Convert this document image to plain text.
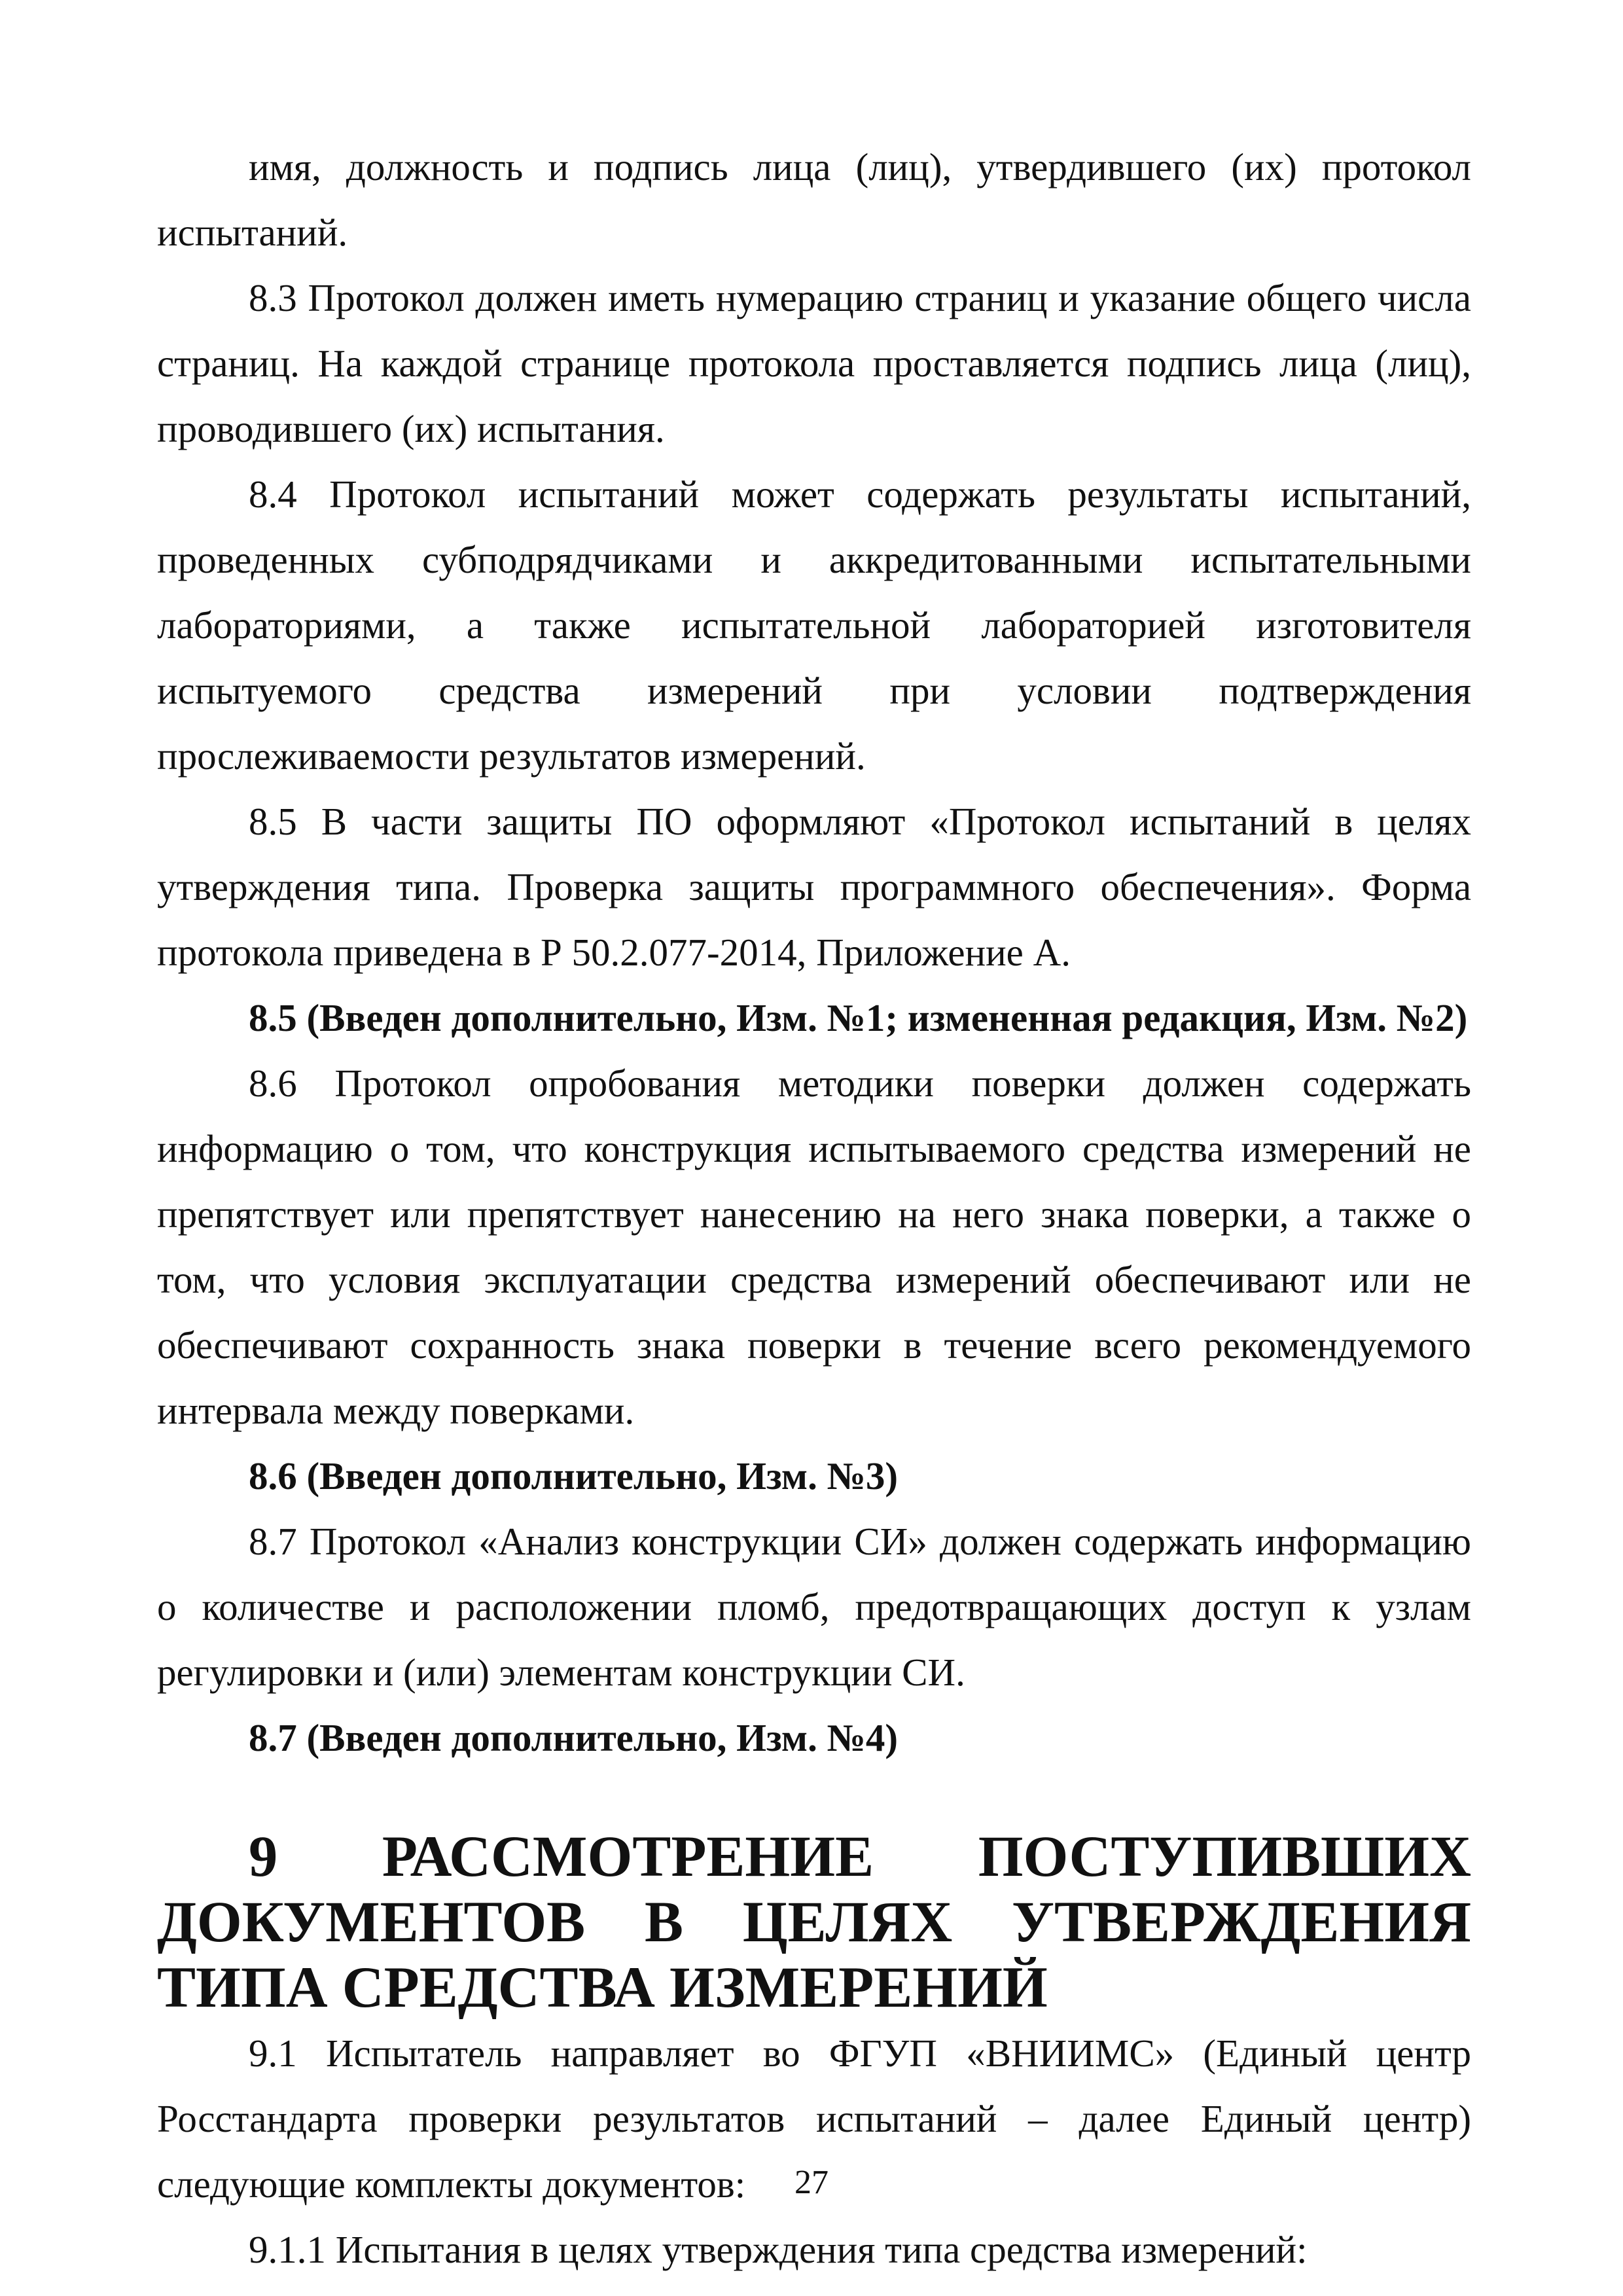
имя, должность и подпись лица (лиц), утвердившего (их) протокол испытаний.

8.3 Протокол должен иметь нумерацию страниц и указание общего числа страниц. На каждой странице протокола проставляется подпись лица (лиц), проводившего (их) испытания.

8.4 Протокол испытаний может содержать результаты испытаний, проведенных субподрядчиками и аккредитованными испытательными лабораториями, а также испытательной лабораторией изготовителя испытуемого средства измерений при условии подтверждения прослеживаемости результатов измерений.

8.5 В части защиты ПО оформляют «Протокол испытаний в целях утверждения типа. Проверка защиты программного обеспечения». Форма протокола приведена в Р 50.2.077-2014, Приложение А.

8.5 (Введен дополнительно, Изм. №1; измененная редакция, Изм. №2)

8.6 Протокол опробования методики поверки должен содержать информацию о том, что конструкция испытываемого средства измерений не препятствует или препятствует нанесению на него знака поверки, а также о том, что условия эксплуатации средства измерений обеспечивают или не обеспечивают сохранность знака поверки в течение всего рекомендуемого интервала между поверками.

8.6 (Введен дополнительно, Изм. №3)

8.7 Протокол «Анализ конструкции СИ» должен содержать информацию о количестве и расположении пломб, предотвращающих доступ к узлам регулировки и (или) элементам конструкции СИ.

8.7 (Введен дополнительно, Изм. №4)

9 РАССМОТРЕНИЕ ПОСТУПИВШИХ ДОКУМЕНТОВ В ЦЕЛЯХ УТВЕРЖДЕНИЯ ТИПА СРЕДСТВА ИЗМЕРЕНИЙ

9.1 Испытатель направляет во ФГУП «ВНИИМС» (Единый центр Росстандарта проверки результатов испытаний – далее Единый центр) следующие комплекты документов:

9.1.1 Испытания в целях утверждения типа средства измерений:

27
